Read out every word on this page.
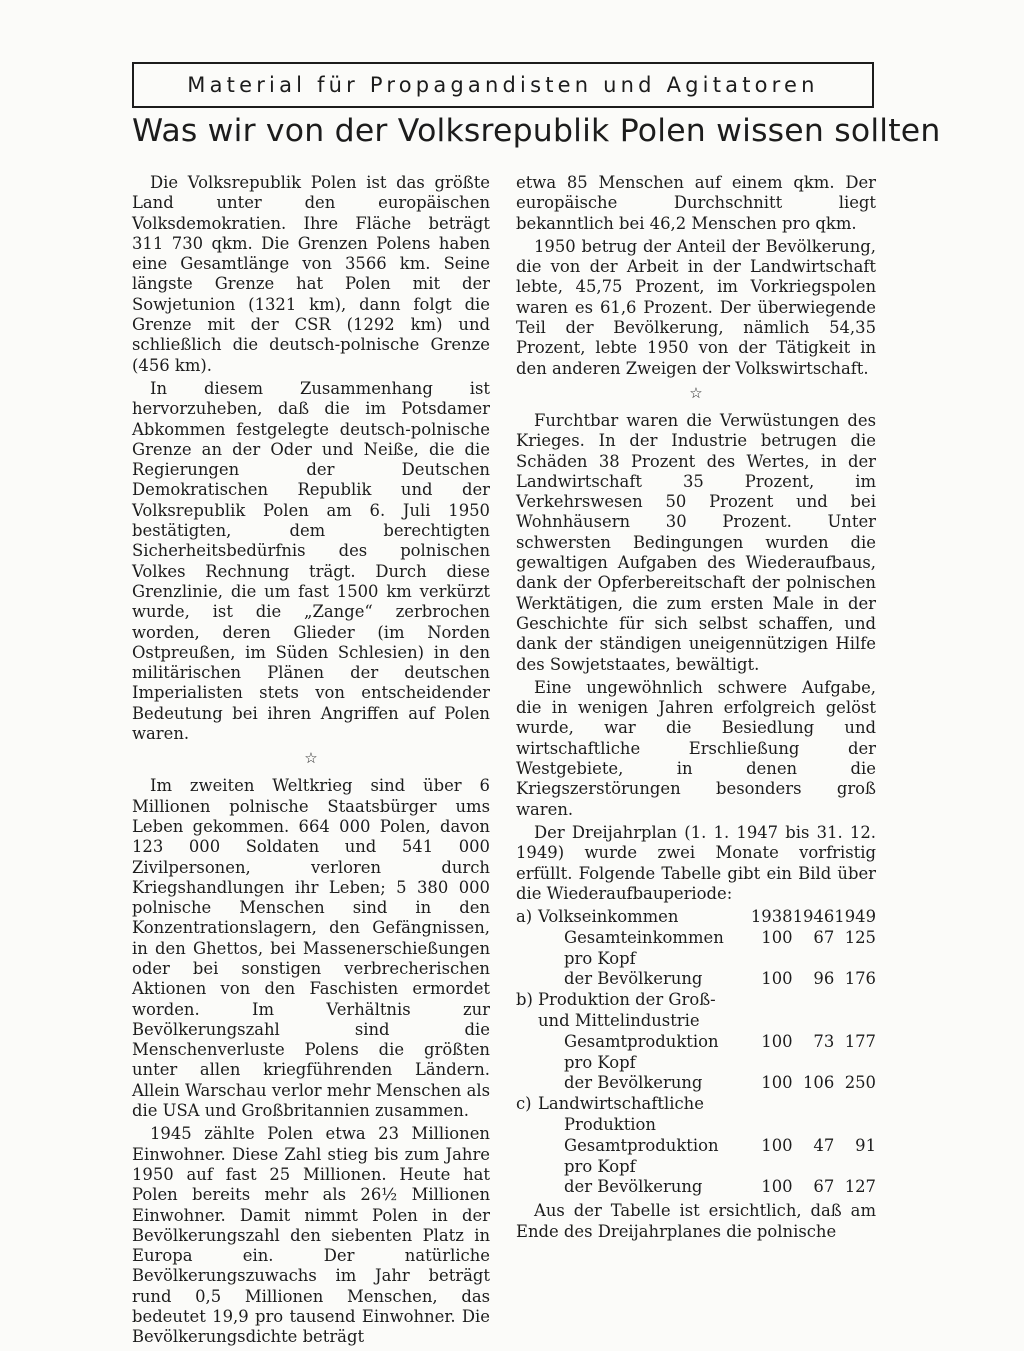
Material für Propagandisten und Agitatoren
Was wir von der Volksrepublik Polen wissen sollten

Die Volksrepublik Polen ist das größte Land unter den europäischen Volksdemokratien. Ihre Fläche beträgt 311 730 qkm. Die Grenzen Polens haben eine Gesamtlänge von 3566 km. Seine längste Grenze hat Polen mit der Sowjetunion (1321 km), dann folgt die Grenze mit der CSR (1292 km) und schließlich die deutsch-polnische Grenze (456 km).

In diesem Zusammenhang ist hervorzuheben, daß die im Potsdamer Abkommen festgelegte deutsch-polnische Grenze an der Oder und Neiße, die die Regierungen der Deutschen Demokratischen Republik und der Volksrepublik Polen am 6. Juli 1950 bestätigten, dem berechtigten Sicherheitsbedürfnis des polnischen Volkes Rechnung trägt. Durch diese Grenzlinie, die um fast 1500 km verkürzt wurde, ist die „Zange“ zerbrochen worden, deren Glieder (im Norden Ostpreußen, im Süden Schlesien) in den militärischen Plänen der deutschen Imperialisten stets von entscheidender Bedeutung bei ihren Angriffen auf Polen waren.

☆

Im zweiten Weltkrieg sind über 6 Millionen polnische Staatsbürger ums Leben gekommen. 664 000 Polen, davon 123 000 Soldaten und 541 000 Zivilpersonen, verloren durch Kriegshandlungen ihr Leben; 5 380 000 polnische Menschen sind in den Konzentrationslagern, den Gefängnissen, in den Ghettos, bei Massenerschießungen oder bei sonstigen verbrecherischen Aktionen von den Faschisten ermordet worden. Im Verhältnis zur Bevölkerungszahl sind die Menschenverluste Polens die größten unter allen kriegführenden Ländern. Allein Warschau verlor mehr Menschen als die USA und Großbritannien zusammen.

1945 zählte Polen etwa 23 Millionen Einwohner. Diese Zahl stieg bis zum Jahre 1950 auf fast 25 Millionen. Heute hat Polen bereits mehr als 26½ Millionen Einwohner. Damit nimmt Polen in der Bevölkerungszahl den siebenten Platz in Europa ein. Der natürliche Bevölkerungszuwachs im Jahr beträgt rund 0,5 Millionen Menschen, das bedeutet 19,9 pro tausend Einwohner. Die Bevölkerungsdichte beträgt

etwa 85 Menschen auf einem qkm. Der europäische Durchschnitt liegt bekanntlich bei 46,2 Menschen pro qkm.

1950 betrug der Anteil der Bevölkerung, die von der Arbeit in der Landwirtschaft lebte, 45,75 Prozent, im Vorkriegspolen waren es 61,6 Prozent. Der überwiegende Teil der Bevölkerung, nämlich 54,35 Prozent, lebte 1950 von der Tätigkeit in den anderen Zweigen der Volkswirtschaft.

☆

Furchtbar waren die Verwüstungen des Krieges. In der Industrie betrugen die Schäden 38 Prozent des Wertes, in der Landwirtschaft 35 Prozent, im Verkehrswesen 50 Prozent und bei Wohnhäusern 30 Prozent. Unter schwersten Bedingungen wurden die gewaltigen Aufgaben des Wiederaufbaus, dank der Opferbereitschaft der polnischen Werktätigen, die zum ersten Male in der Geschichte für sich selbst schaffen, und dank der ständigen uneigennützigen Hilfe des Sowjetstaates, bewältigt.

Eine ungewöhnlich schwere Aufgabe, die in wenigen Jahren erfolgreich gelöst wurde, war die Besiedlung und wirtschaftliche Erschließung der Westgebiete, in denen die Kriegszerstörungen besonders groß waren.

Der Dreijahrplan (1. 1. 1947 bis 31. 12. 1949) wurde zwei Monate vorfristig erfüllt. Folgende Tabelle gibt ein Bild über die Wiederaufbauperiode:

a)	Volkseinkommen	1938	1946	1949
	Gesamteinkommen	100	67	125
	pro Kopf			
	der Bevölkerung	100	96	176
b)	Produktion der Groß-			
	und Mittelindustrie			
	Gesamtproduktion	100	73	177
	pro Kopf			
	der Bevölkerung	100	106	250
c)	Landwirtschaftliche			
	Produktion			
	Gesamtproduktion	100	47	91
	pro Kopf			
	der Bevölkerung	100	67	127

Aus der Tabelle ist ersichtlich, daß am Ende des Dreijahrplanes die polnische
